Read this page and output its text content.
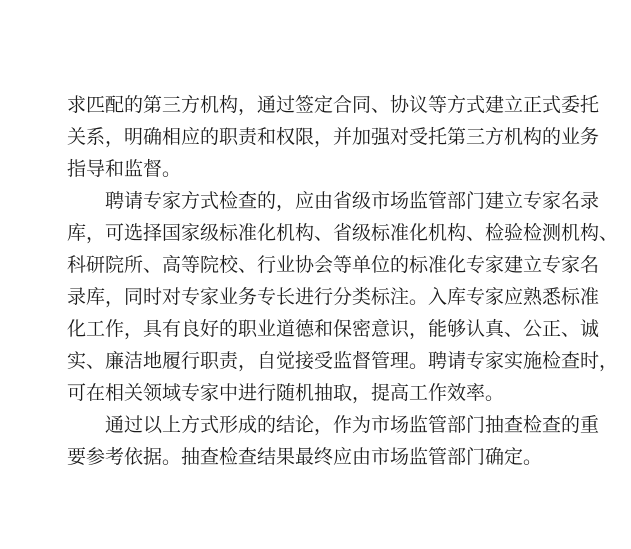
求匹配的第三方机构，通过签定合同、协议等方式建立正式委托
关系，明确相应的职责和权限，并加强对受托第三方机构的业务
指导和监督。
聘请专家方式检查的，应由省级市场监管部门建立专家名录
库，可选择国家级标准化机构、省级标准化机构、检验检测机构、
科研院所、高等院校、行业协会等单位的标准化专家建立专家名
录库，同时对专家业务专长进行分类标注。入库专家应熟悉标准
化工作，具有良好的职业道德和保密意识，能够认真、公正、诚
实、廉洁地履行职责，自觉接受监督管理。聘请专家实施检查时，
可在相关领域专家中进行随机抽取，提高工作效率。
通过以上方式形成的结论，作为市场监管部门抽查检查的重
要参考依据。抽查检查结果最终应由市场监管部门确定。
